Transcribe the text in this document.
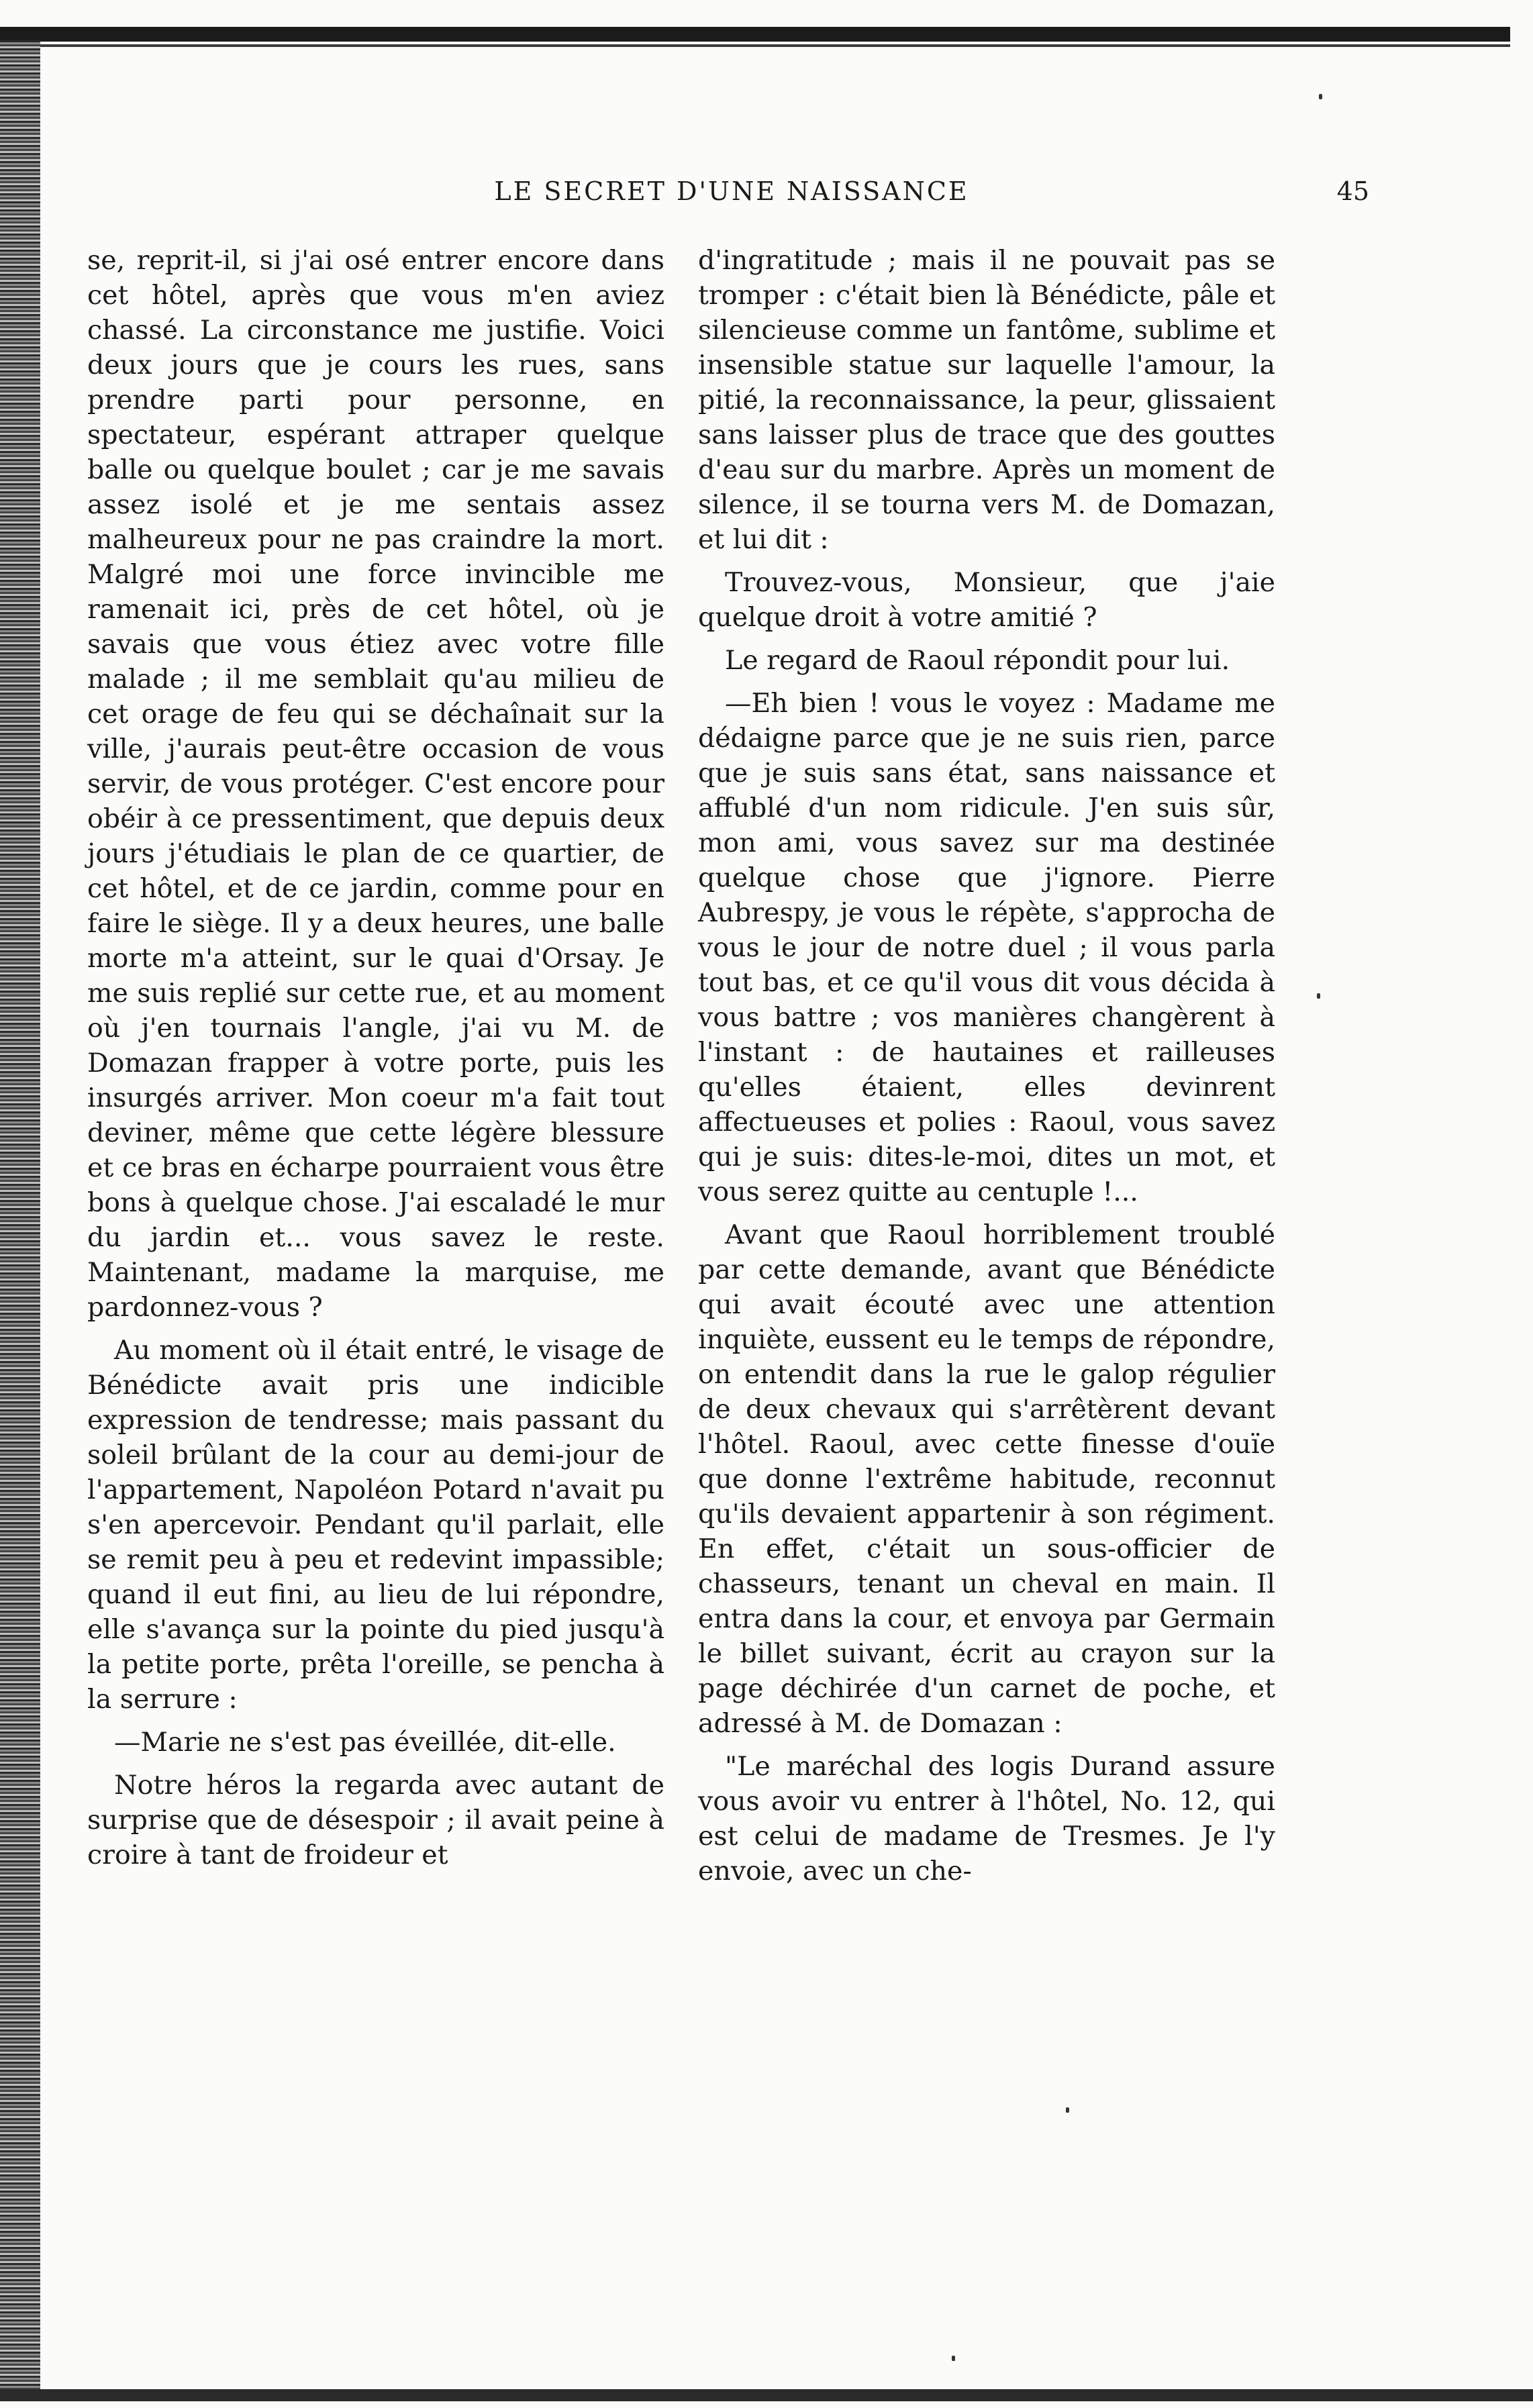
LE SECRET D'UNE NAISSANCE	45

se, reprit-il, si j'ai osé entrer encore dans cet hôtel, après que vous m'en aviez chassé. La circonstance me justifie. Voici deux jours que je cours les rues, sans prendre parti pour personne, en spectateur, espérant attraper quelque balle ou quelque boulet ; car je me savais assez isolé et je me sentais assez malheureux pour ne pas craindre la mort. Malgré moi une force invincible me ramenait ici, près de cet hôtel, où je savais que vous étiez avec votre fille malade ; il me semblait qu'au milieu de cet orage de feu qui se déchaînait sur la ville, j'aurais peut-être occasion de vous servir, de vous protéger. C'est encore pour obéir à ce pressentiment, que depuis deux jours j'étudiais le plan de ce quartier, de cet hôtel, et de ce jardin, comme pour en faire le siège. Il y a deux heures, une balle morte m'a atteint, sur le quai d'Orsay. Je me suis replié sur cette rue, et au moment où j'en tournais l'angle, j'ai vu M. de Domazan frapper à votre porte, puis les insurgés arriver. Mon coeur m'a fait tout deviner, même que cette légère blessure et ce bras en écharpe pourraient vous être bons à quelque chose. J'ai escaladé le mur du jardin et... vous savez le reste. Maintenant, madame la marquise, me pardonnez-vous ?

Au moment où il était entré, le visage de Bénédicte avait pris une indicible expression de tendresse; mais passant du soleil brûlant de la cour au demi-jour de l'appartement, Napoléon Potard n'avait pu s'en apercevoir. Pendant qu'il parlait, elle se remit peu à peu et redevint impassible; quand il eut fini, au lieu de lui répondre, elle s'avança sur la pointe du pied jusqu'à la petite porte, prêta l'oreille, se pencha à la serrure :

—Marie ne s'est pas éveillée, dit-elle.

Notre héros la regarda avec autant de surprise que de désespoir ; il avait peine à croire à tant de froideur et

d'ingratitude ; mais il ne pouvait pas se tromper : c'était bien là Bénédicte, pâle et silencieuse comme un fantôme, sublime et insensible statue sur laquelle l'amour, la pitié, la reconnaissance, la peur, glissaient sans laisser plus de trace que des gouttes d'eau sur du marbre. Après un moment de silence, il se tourna vers M. de Domazan, et lui dit :

Trouvez-vous, Monsieur, que j'aie quelque droit à votre amitié ?

Le regard de Raoul répondit pour lui.

—Eh bien ! vous le voyez : Madame me dédaigne parce que je ne suis rien, parce que je suis sans état, sans naissance et affublé d'un nom ridicule. J'en suis sûr, mon ami, vous savez sur ma destinée quelque chose que j'ignore. Pierre Aubrespy, je vous le répète, s'approcha de vous le jour de notre duel ; il vous parla tout bas, et ce qu'il vous dit vous décida à vous battre ; vos manières changèrent à l'instant : de hautaines et railleuses qu'elles étaient, elles devinrent affectueuses et polies : Raoul, vous savez qui je suis: dites-le-moi, dites un mot, et vous serez quitte au centuple !...

Avant que Raoul horriblement troublé par cette demande, avant que Bénédicte qui avait écouté avec une attention inquiète, eussent eu le temps de répondre, on entendit dans la rue le galop régulier de deux chevaux qui s'arrêtèrent devant l'hôtel. Raoul, avec cette finesse d'ouïe que donne l'extrême habitude, reconnut qu'ils devaient appartenir à son régiment. En effet, c'était un sous-officier de chasseurs, tenant un cheval en main. Il entra dans la cour, et envoya par Germain le billet suivant, écrit au crayon sur la page déchirée d'un carnet de poche, et adressé à M. de Domazan :

"Le maréchal des logis Durand assure vous avoir vu entrer à l'hôtel, No. 12, qui est celui de madame de Tresmes. Je l'y envoie, avec un che-
